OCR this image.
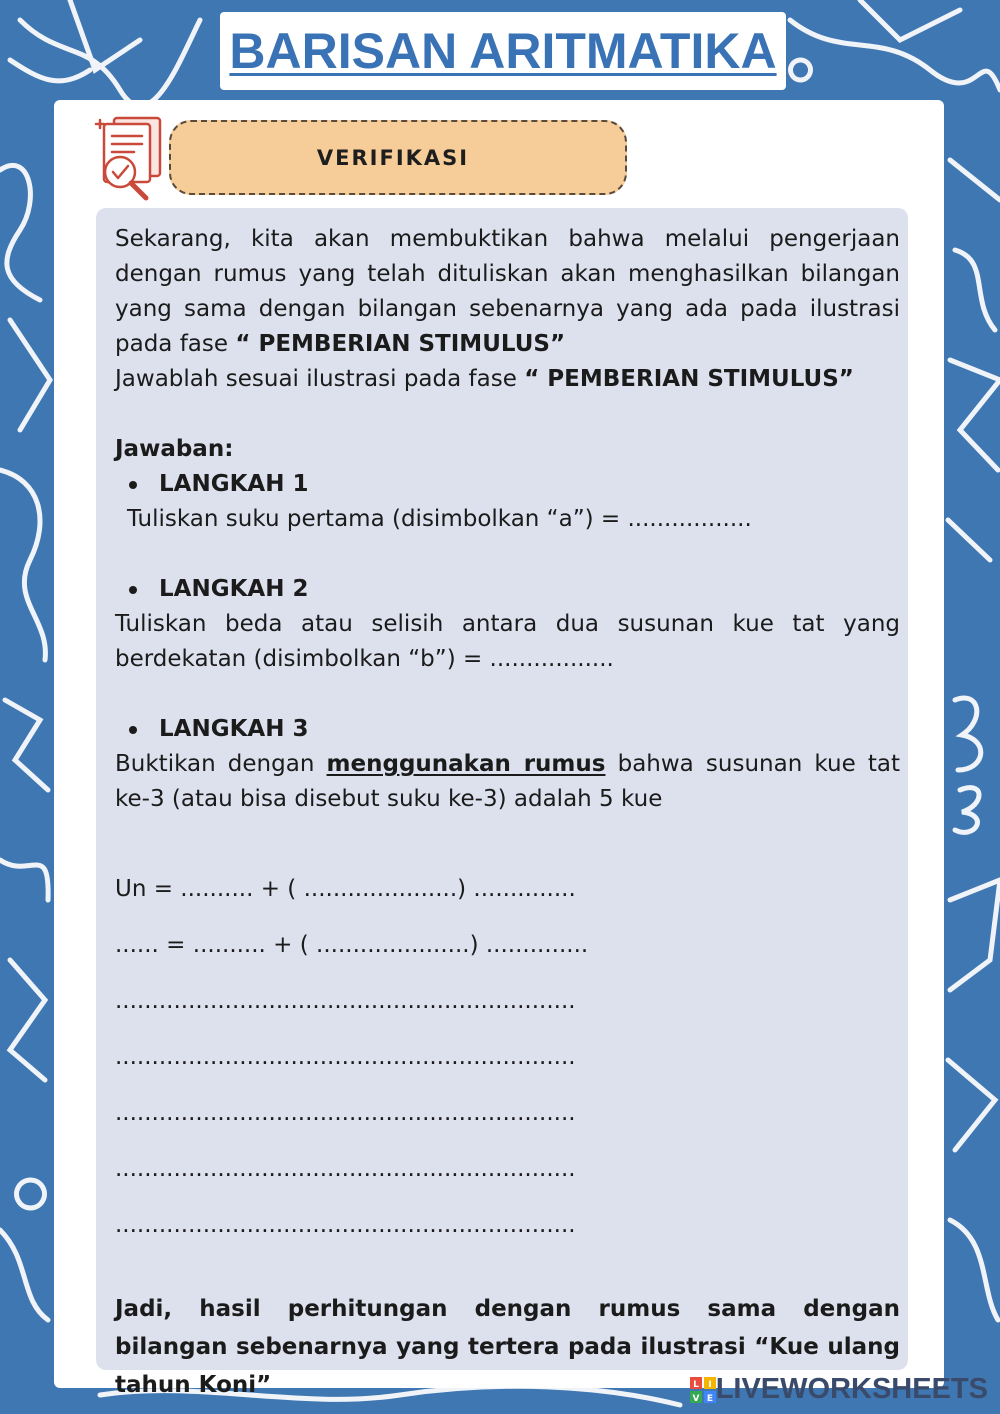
BARISAN ARITMATIKA
VERIFIKASI

Sekarang, kita akan membuktikan bahwa melalui pengerjaan dengan rumus yang telah dituliskan akan menghasilkan bilangan yang sama dengan bilangan sebenarnya yang ada pada ilustrasi pada fase “ PEMBERIAN STIMULUS”

Jawablah sesuai ilustrasi pada fase “ PEMBERIAN STIMULUS”

Jawaban:

LANGKAH 1

Tuliskan suku pertama (disimbolkan “a”) = .................

LANGKAH 2

Tuliskan beda atau selisih antara dua susunan kue tat yang berdekatan (disimbolkan “b”) = .................

LANGKAH 3

Buktikan dengan menggunakan rumus bahwa susunan kue tat ke-3 (atau bisa disebut suku ke-3) adalah 5 kue

Un = .......... + ( .....................) ..............
...... = .......... + ( .....................) ..............
...............................................................
...............................................................
...............................................................
...............................................................
...............................................................

Jadi, hasil perhitungan dengan rumus sama dengan bilangan sebenarnya yang tertera pada ilustrasi “Kue ulang tahun Koni”	L I
V E LIVEWORKSHEETS
